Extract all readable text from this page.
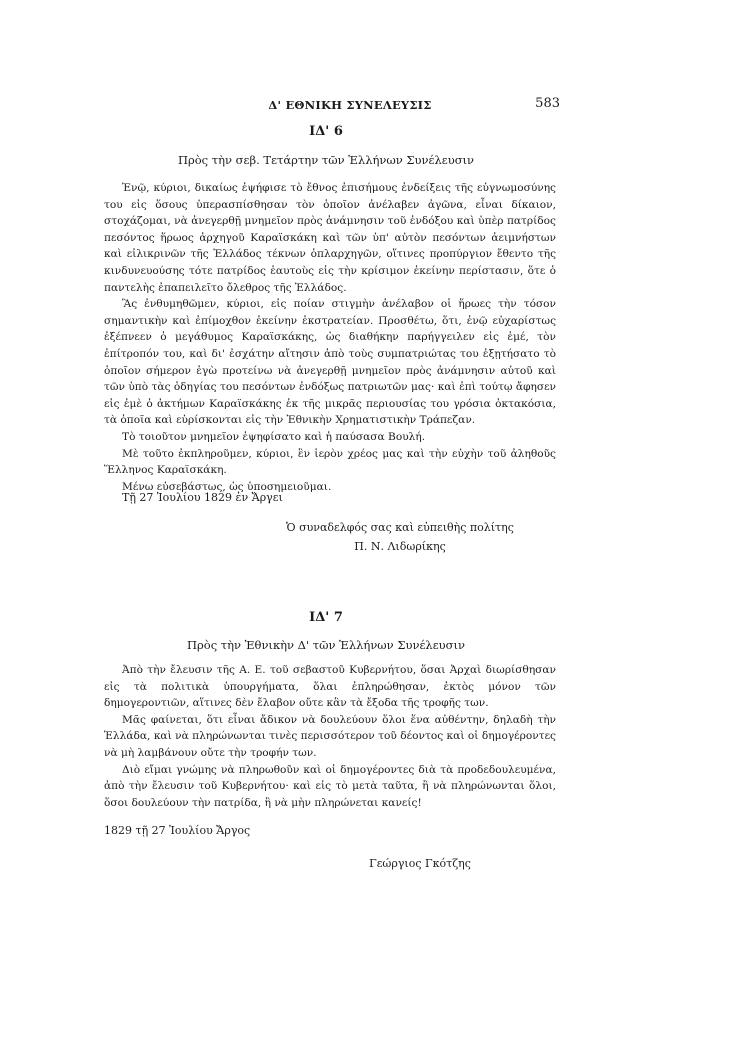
Δ' ΕΘΝΙΚΗ ΣΥΝΕΛΕΥΣΙΣ	583
ΙΔ' 6
Πρὸς τὴν σεβ. Τετάρτην τῶν Ἑλλήνων Συνέλευσιν

Ἐνῷ, κύριοι, δικαίως ἐψήφισε τὸ ἔθνος ἐπισήμους ἐνδείξεις τῆς εὐγνωμοσύνης του εἰς ὅσους ὑπερασπίσθησαν τὸν ὁποῖον ἀνέλαβεν ἀγῶνα, εἶναι δίκαιον, στοχάζομαι, νὰ ἀνεγερθῇ μνημεῖον πρὸς ἀνάμνησιν τοῦ ἐνδόξου καὶ ὑπὲρ πατρίδος πεσόντος ἥρωος ἀρχηγοῦ Καραϊσκάκη καὶ τῶν ὑπ' αὐτὸν πεσόντων ἀειμνήστων καὶ εἰλικρινῶν τῆς Ἑλλάδος τέκνων ὁπλαρχηγῶν, οἵτινες προπύργιον ἔθεντο τῆς κινδυνευούσης τότε πατρίδος ἑαυτοὺς εἰς τὴν κρίσιμον ἐκείνην περίστασιν, ὅτε ὁ παντελὴς ἐπαπειλεῖτο ὄλεθρος τῆς Ἑλλάδος.

Ἂς ἐνθυμηθῶμεν, κύριοι, εἰς ποίαν στιγμὴν ἀνέλαβον οἱ ἥρωες τὴν τόσον σημαντικὴν καὶ ἐπίμοχθον ἐκείνην ἐκστρατείαν. Προσθέτω, ὅτι, ἐνῷ εὐχαρίστως ἐξέπνεεν ὁ μεγάθυμος Καραϊσκάκης, ὡς διαθήκην παρήγγειλεν εἰς ἐμέ, τὸν ἐπίτροπόν του, καὶ δι' ἐσχάτην αἴτησιν ἀπὸ τοὺς συμπατριώτας του ἐξῃτήσατο τὸ ὁποῖον σήμερον ἐγὼ προτείνω νὰ ἀνεγερθῇ μνημεῖον πρὸς ἀνάμνησιν αὐτοῦ καὶ τῶν ὑπὸ τὰς ὁδηγίας του πεσόντων ἐνδόξως πατριωτῶν μας· καὶ ἐπὶ τούτῳ ἄφησεν εἰς ἐμὲ ὁ ἀκτήμων Καραϊσκάκης ἐκ τῆς μικρᾶς περιουσίας του γρόσια ὀκτακόσια, τὰ ὁποῖα καὶ εὑρίσκονται εἰς τὴν Ἐθνικὴν Χρηματιστικὴν Τράπεζαν.

Τὸ τοιοῦτον μνημεῖον ἐψηφίσατο καὶ ἡ παύσασα Βουλή.

Μὲ τοῦτο ἐκπληροῦμεν, κύριοι, ἓν ἱερὸν χρέος μας καὶ τὴν εὐχὴν τοῦ ἀληθοῦς Ἕλληνος Καραϊσκάκη.

Μένω εὐσεβάστως, ὡς ὑποσημειοῦμαι.

Τῇ 27 Ἰουλίου 1829 ἐν Ἄργει
Ὁ συναδελφός σας καὶ εὐπειθὴς πολίτης
Π. Ν. Λιδωρίκης
ΙΔ' 7
Πρὸς τὴν Ἐθνικὴν Δ' τῶν Ἑλλήνων Συνέλευσιν

Ἀπὸ τὴν ἔλευσιν τῆς Α. Ε. τοῦ σεβαστοῦ Κυβερνήτου, ὅσαι Ἀρχαὶ διωρίσθησαν εἰς τὰ πολιτικὰ ὑπουργήματα, ὅλαι ἐπληρώθησαν, ἐκτὸς μόνον τῶν δημογεροντιῶν, αἵτινες δὲν ἔλαβον οὔτε κἂν τὰ ἔξοδα τῆς τροφῆς των.

Μᾶς φαίνεται, ὅτι εἶναι ἄδικον νὰ δουλεύουν ὅλοι ἕνα αὐθέντην, δηλαδὴ τὴν Ἑλλάδα, καὶ νὰ πληρώνωνται τινὲς περισσότερον τοῦ δέοντος καὶ οἱ δημογέροντες νὰ μὴ λαμβάνουν οὔτε τὴν τροφήν των.

Διὸ εἴμαι γνώμης νὰ πληρωθοῦν καὶ οἱ δημογέροντες διὰ τὰ προδεδουλευμένα, ἀπὸ τὴν ἔλευσιν τοῦ Κυβερνήτου· καὶ εἰς τὸ μετὰ ταῦτα, ἢ νὰ πληρώνωνται ὅλοι, ὅσοι δουλεύουν τὴν πατρίδα, ἢ νὰ μὴν πληρώνεται κανείς!

1829 τῇ 27 Ἰουλίου Ἄργος
Γεώργιος Γκότζης
